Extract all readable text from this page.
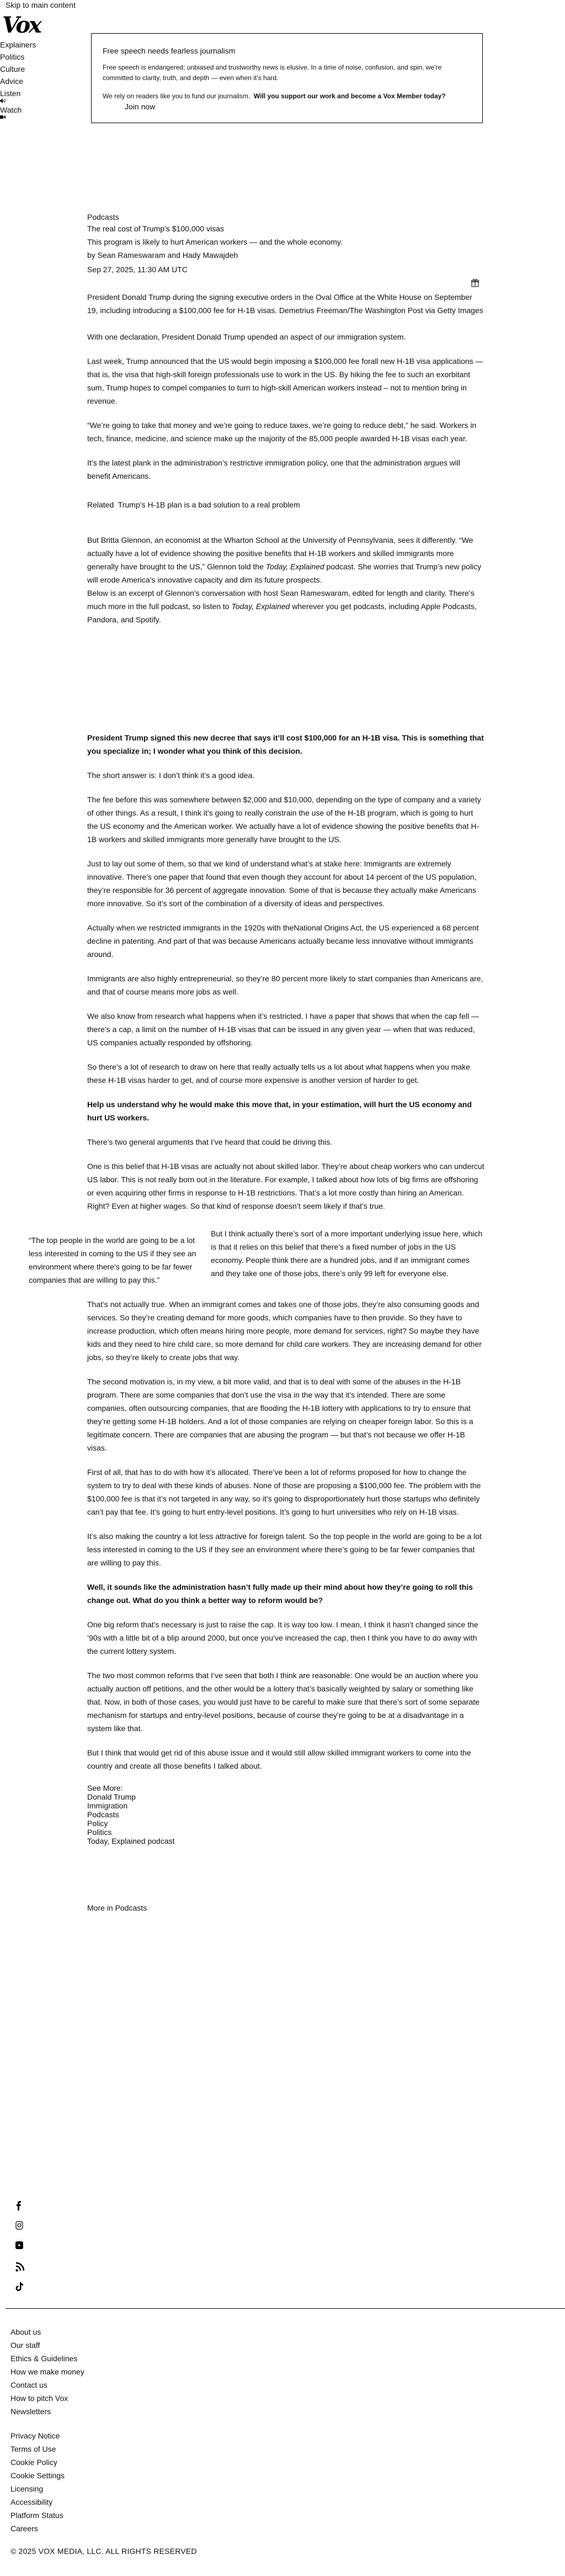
Skip to main content
Vox
Explainers
Politics
Culture
Advice
Listen
Watch
Free speech needs fearless journalism

Free speech is endangered; unbiased and trustworthy news is elusive. In a time of noise, confusion, and spin, we’re committed to clarity, truth, and depth — even when it’s hard.

We rely on readers like you to fund our journalism. Will you support our work and become a Vox Member today?

Join now
Podcasts
The real cost of Trump’s $100,000 visas

This program is likely to hurt American workers — and the whole economy.

by Sean Rameswaram and Hady Mawajdeh

Sep 27, 2025, 11:30 AM UTC

President Donald Trump during the signing executive orders in the Oval Office at the White House on September 19, including introducing a $100,000 fee for H-1B visas. Demetrius Freeman/The Washington Post via Getty Images

With one declaration, President Donald Trump upended an aspect of our immigration system.

Last week, Trump announced that the US would begin imposing a $100,000 fee forall new H-1B visa applications — that is, the visa that high-skill foreign professionals use to work in the US. By hiking the fee to such an exorbitant sum, Trump hopes to compel companies to turn to high-skill American workers instead – not to mention bring in revenue.

“We’re going to take that money and we’re going to reduce taxes, we’re going to reduce debt,” he said. Workers in tech, finance, medicine, and science make up the majority of the 85,000 people awarded H-1B visas each year.

It’s the latest plank in the administration’s restrictive immigration policy, one that the administration argues will benefit Americans.

Related Trump’s H-1B plan is a bad solution to a real problem

But Britta Glennon, an economist at the Wharton School at the University of Pennsylvania, sees it differently. “We actually have a lot of evidence showing the positive benefits that H-1B workers and skilled immigrants more generally have brought to the US,” Glennon told the Today, Explained podcast. She worries that Trump’s new policy will erode America’s innovative capacity and dim its future prospects.

Below is an excerpt of Glennon’s conversation with host Sean Rameswaram, edited for length and clarity. There’s much more in the full podcast, so listen to Today, Explained wherever you get podcasts, including Apple Podcasts, Pandora, and Spotify.

President Trump signed this new decree that says it’ll cost $100,000 for an H-1B visa. This is something that you specialize in; I wonder what you think of this decision.

The short answer is: I don’t think it’s a good idea.

The fee before this was somewhere between $2,000 and $10,000, depending on the type of company and a variety of other things. As a result, I think it’s going to really constrain the use of the H-1B program, which is going to hurt the US economy and the American worker. We actually have a lot of evidence showing the positive benefits that H-1B workers and skilled immigrants more generally have brought to the US.

Just to lay out some of them, so that we kind of understand what’s at stake here: Immigrants are extremely innovative. There’s one paper that found that even though they account for about 14 percent of the US population, they’re responsible for 36 percent of aggregate innovation. Some of that is because they actually make Americans more innovative. So it’s sort of the combination of a diversity of ideas and perspectives.

Actually when we restricted immigrants in the 1920s with theNational Origins Act, the US experienced a 68 percent decline in patenting. And part of that was because Americans actually became less innovative without immigrants around.

Immigrants are also highly entrepreneurial, so they’re 80 percent more likely to start companies than Americans are, and that of course means more jobs as well.

We also know from research what happens when it’s restricted. I have a paper that shows that when the cap fell — there’s a cap, a limit on the number of H-1B visas that can be issued in any given year — when that was reduced, US companies actually responded by offshoring.

So there’s a lot of research to draw on here that really actually tells us a lot about what happens when you make these H-1B visas harder to get, and of course more expensive is another version of harder to get.

Help us understand why he would make this move that, in your estimation, will hurt the US economy and hurt US workers.

There’s two general arguments that I’ve heard that could be driving this.

One is this belief that H-1B visas are actually not about skilled labor. They’re about cheap workers who can undercut US labor. This is not really born out in the literature. For example, I talked about how lots of big firms are offshoring or even acquiring other firms in response to H-1B restrictions. That’s a lot more costly than hiring an American. Right? Even at higher wages. So that kind of response doesn’t seem likely if that’s true.

“The top people in the world are going to be a lot less interested in coming to the US if they see an environment where there’s going to be far fewer companies that are willing to pay this.”

But I think actually there’s sort of a more important underlying issue here, which is that it relies on this belief that there’s a fixed number of jobs in the US economy. People think there are a hundred jobs, and if an immigrant comes and they take one of those jobs, there’s only 99 left for everyone else.

That’s not actually true. When an immigrant comes and takes one of those jobs, they’re also consuming goods and services. So they’re creating demand for more goods, which companies have to then provide. So they have to increase production, which often means hiring more people, more demand for services, right? So maybe they have kids and they need to hire child care, so more demand for child care workers. They are increasing demand for other jobs, so they’re likely to create jobs that way.

The second motivation is, in my view, a bit more valid, and that is to deal with some of the abuses in the H-1B program. There are some companies that don’t use the visa in the way that it’s intended. There are some companies, often outsourcing companies, that are flooding the H-1B lottery with applications to try to ensure that they’re getting some H-1B holders. And a lot of those companies are relying on cheaper foreign labor. So this is a legitimate concern. There are companies that are abusing the program — but that’s not because we offer H-1B visas.

First of all, that has to do with how it’s allocated. There’ve been a lot of reforms proposed for how to change the system to try to deal with these kinds of abuses. None of those are proposing a $100,000 fee. The problem with the $100,000 fee is that it’s not targeted in any way, so it’s going to disproportionately hurt those startups who definitely can’t pay that fee. It’s going to hurt entry-level positions. It’s going to hurt universities who rely on H-1B visas.

It’s also making the country a lot less attractive for foreign talent. So the top people in the world are going to be a lot less interested in coming to the US if they see an environment where there’s going to be far fewer companies that are willing to pay this.

Well, it sounds like the administration hasn’t fully made up their mind about how they’re going to roll this change out. What do you think a better way to reform would be?

One big reform that’s necessary is just to raise the cap. It is way too low. I mean, I think it hasn’t changed since the ’90s with a little bit of a blip around 2000, but once you’ve increased the cap, then I think you have to do away with the current lottery system.

The two most common reforms that I’ve seen that both I think are reasonable: One would be an auction where you actually auction off petitions, and the other would be a lottery that’s basically weighted by salary or something like that. Now, in both of those cases, you would just have to be careful to make sure that there’s sort of some separate mechanism for startups and entry-level positions, because of course they’re going to be at a disadvantage in a system like that.

But I think that would get rid of this abuse issue and it would still allow skilled immigrant workers to come into the country and create all those benefits I talked about.

See More:
Donald Trump
Immigration
Podcasts
Policy
Politics
Today, Explained podcast
More in Podcasts
About us
Our staff
Ethics & Guidelines
How we make money
Contact us
How to pitch Vox
Newsletters
Privacy Notice
Terms of Use
Cookie Policy
Cookie Settings
Licensing
Accessibility
Platform Status
Careers
© 2025 VOX MEDIA, LLC. ALL RIGHTS RESERVED
